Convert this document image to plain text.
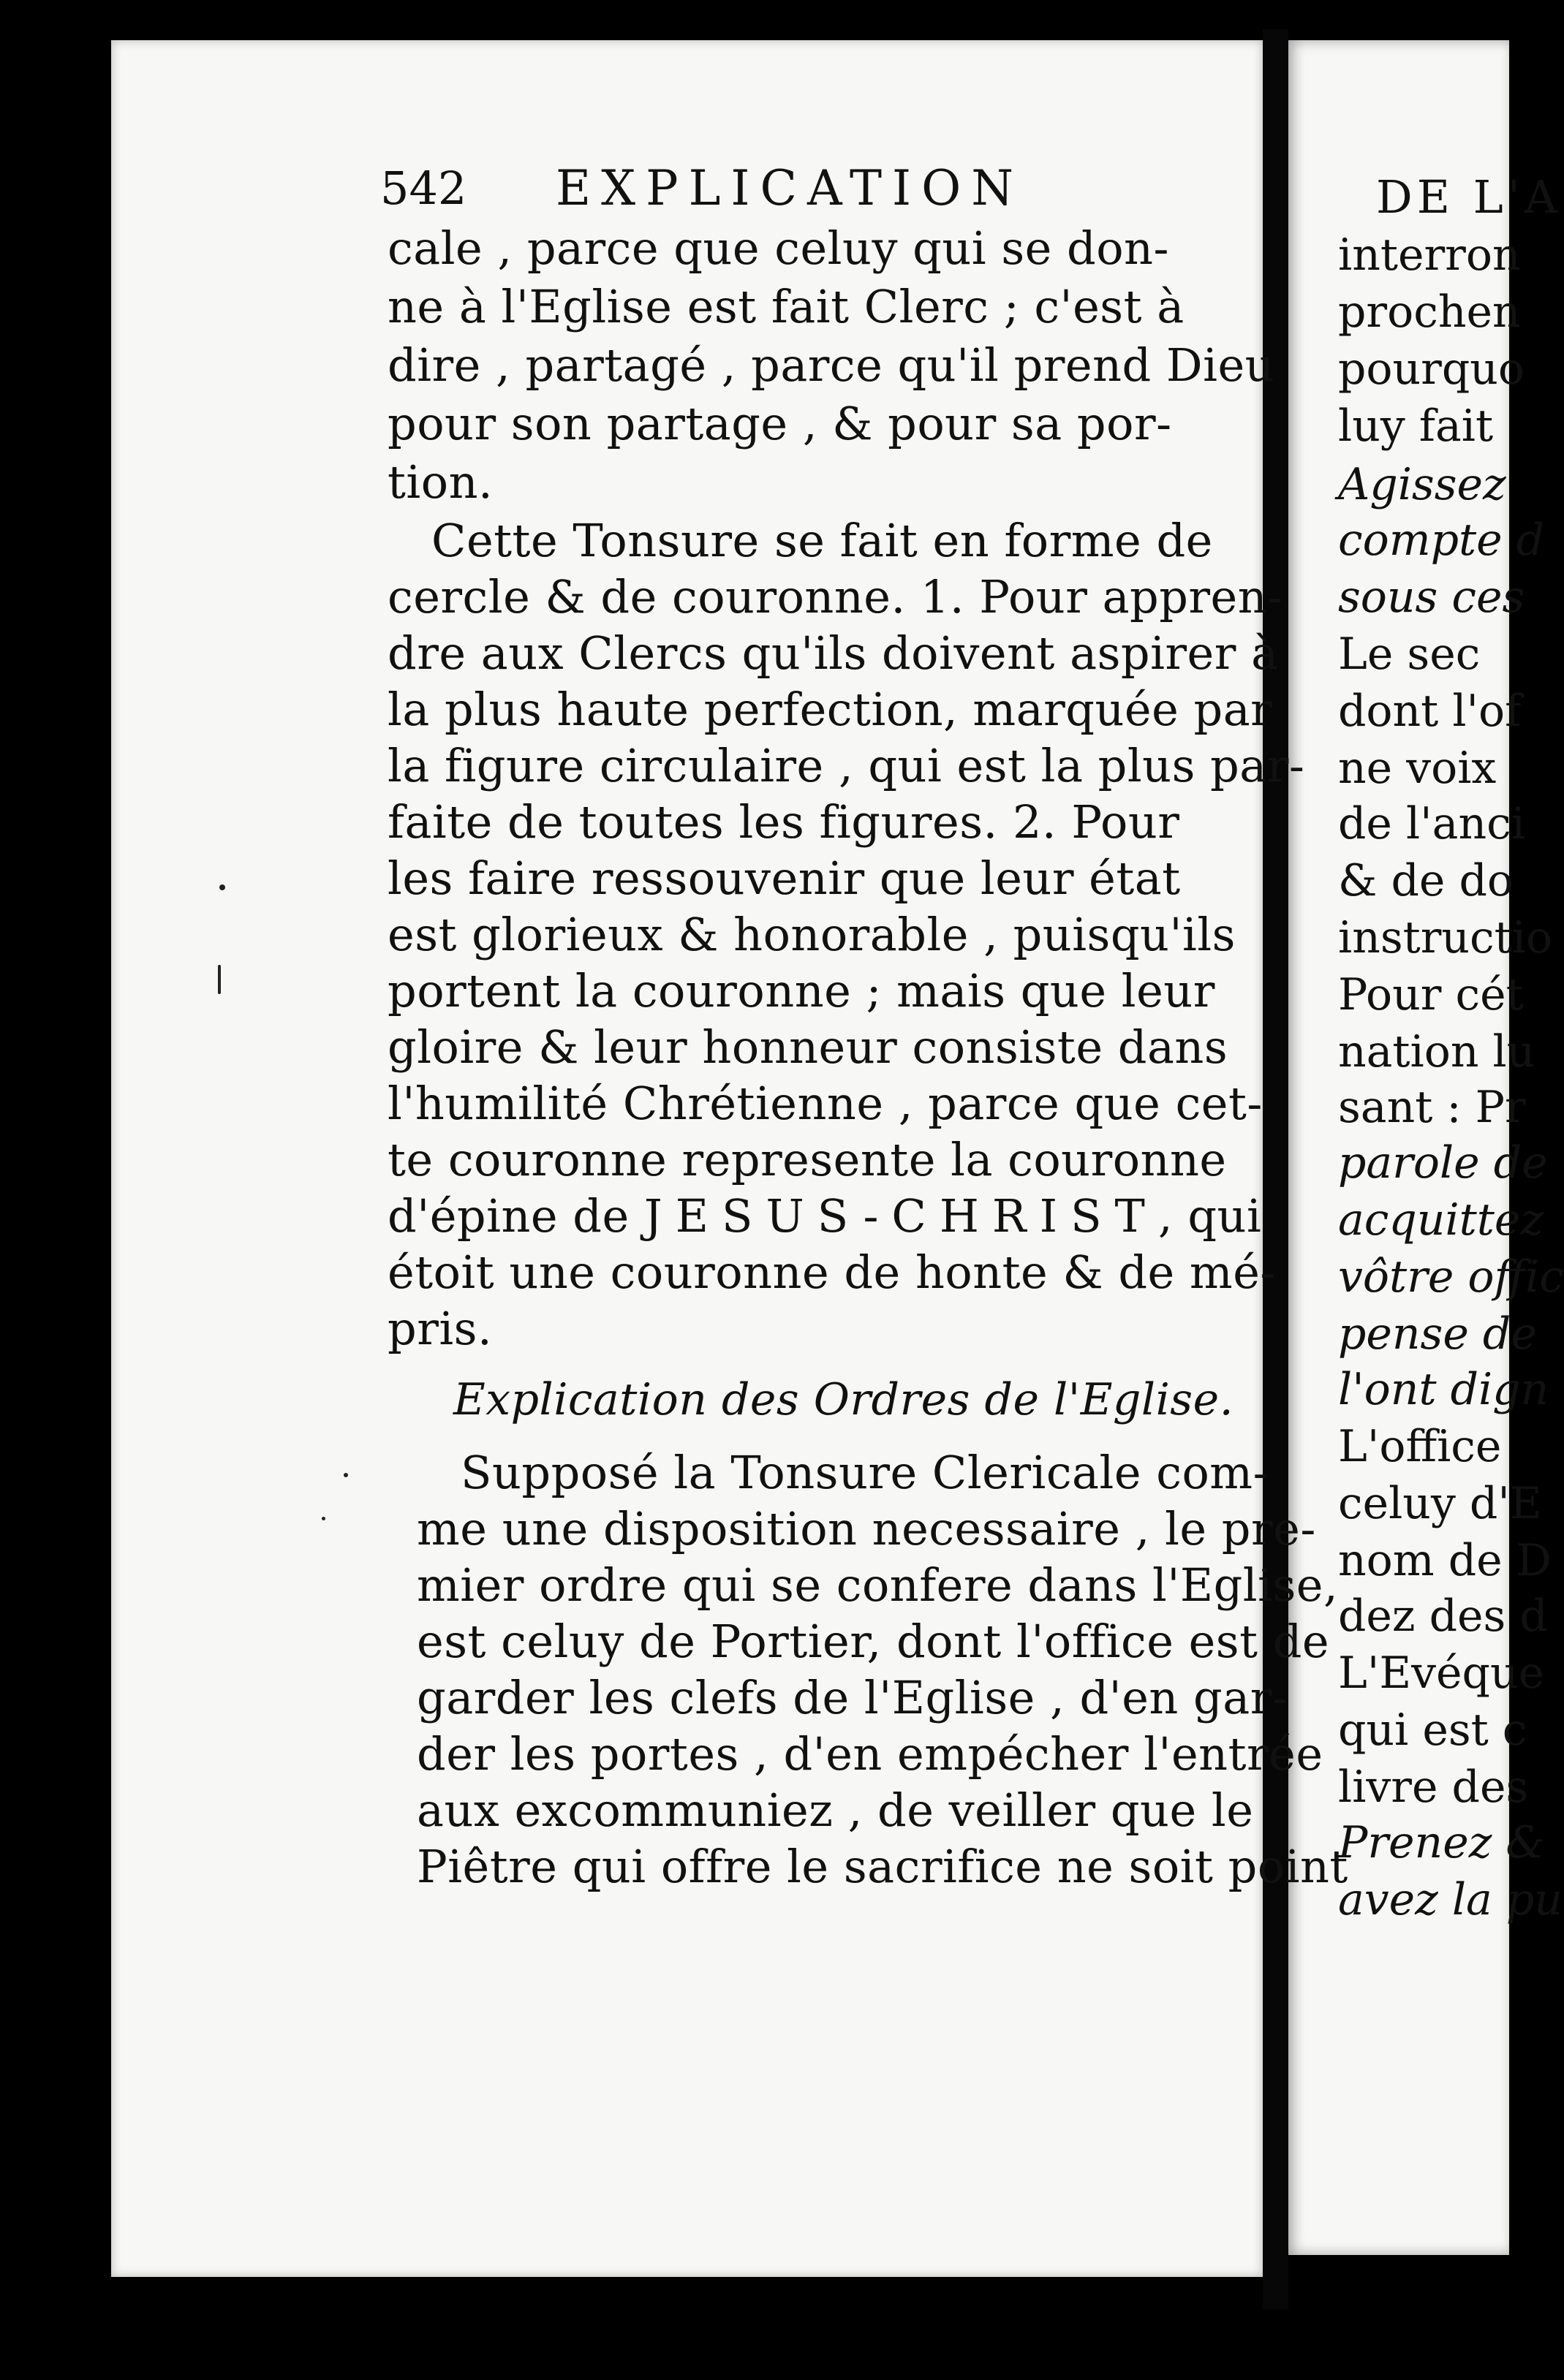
542 EXPLICATION
cale , parce que celuy qui se don-
ne à l'Eglise est fait Clerc ; c'est à
dire , partagé , parce qu'il prend Dieu
pour son partage , & pour sa por-
tion.
Cette Tonsure se fait en forme de
cercle & de couronne. 1. Pour appren-
dre aux Clercs qu'ils doivent aspirer à
la plus haute perfection, marquée par
la figure circulaire , qui est la plus par-
faite de toutes les figures. 2. Pour
les faire ressouvenir que leur état
est glorieux & honorable , puisqu'ils
portent la couronne ; mais que leur
gloire & leur honneur consiste dans
l'humilité Chrétienne , parce que cet-
te couronne represente la couronne
d'épine de JESUS-CHRIST, qui
étoit une couronne de honte & de mé-
pris.
Explication des Ordres de l'Eglise.
Supposé la Tonsure Clericale com-
me une disposition necessaire , le pre-
mier ordre qui se confere dans l'Eglise,
est celuy de Portier, dont l'office est de
garder les clefs de l'Eglise , d'en gar-
der les portes , d'en empécher l'entrée
aux excommuniez , de veiller que le
Piêtre qui offre le sacrifice ne soit point
DE L'A
interron
prochen
pourquo
luy fait
Agissez
compte d
sous ces
Le sec
dont l'of
ne voix
de l'anci
& de do
instructio
Pour cét
nation lu
sant : Pr
parole de
acquittez
vôtre offic
pense de
l'ont dign
L'office
celuy d'E
nom de D
dez des d
L'Evéque
qui est c
livre des
Prenez &
avez la pu
